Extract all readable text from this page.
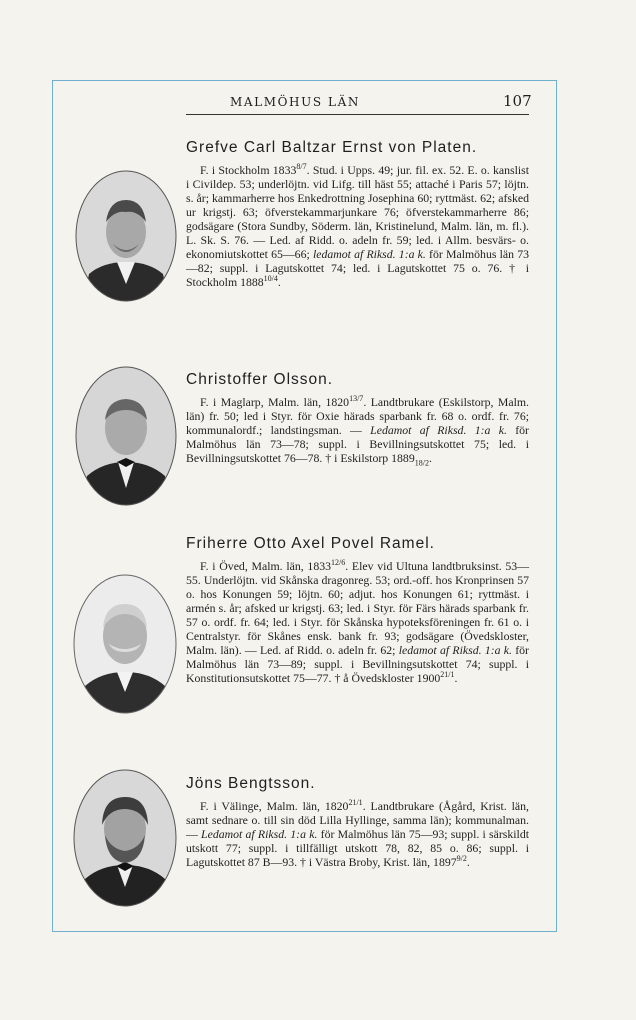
MALMÖHUS LÄN	107
Grefve Carl Baltzar Ernst von Platen.

F. i Stockholm $1833^{8/7}$. Stud. i Upps. 49; jur. fil. ex. 52. E. o. kanslist i Civildep. 53; underlöjtn. vid Lifg. till häst 55; attaché i Paris 57; löjtn. s. år; kammarherre hos Enkedrottning Josephina 60; ryttmäst. 62; afsked ur krigstj. 63; öfverstekammarjunkare 76; öfverstekammarherre 86; godsägare (Stora Sundby, Söderm. län, Kristinelund, Malm. län, m. fl.). L. Sk. S. 76. — Led. af Ridd. o. adeln fr. 59; led. i Allm. besvärs- o. ekonomiutskottet 65—66; ledamot af Riksd. 1:a k. för Malmöhus län 73—82; suppl. i Lagutskottet 74; led. i Lagutskottet 75 o. 76. † i Stockholm $1888^{10/4}$.

Christoffer Olsson.

F. i Maglarp, Malm. län, $1820^{13/7}$. Landtbrukare (Eskilstorp, Malm. län) fr. 50; led i Styr. för Oxie härads sparbank fr. 68 o. ordf. fr. 76; kommunalordf.; landstingsman. — Ledamot af Riksd. 1:a k. för Malmöhus län 73—78; suppl. i Bevillningsutskottet 75; led. i Bevillningsutskottet 76—78. † i Eskilstorp $1889_{18/2}$.

Friherre Otto Axel Povel Ramel.

F. i Öved, Malm. län, $1833^{12/6}$. Elev vid Ultuna landtbruksinst. 53—55. Underlöjtn. vid Skånska dragonreg. 53; ord.-off. hos Kronprinsen 57 o. hos Konungen 59; löjtn. 60; adjut. hos Konungen 61; ryttmäst. i armén s. år; afsked ur krigstj. 63; led. i Styr. för Färs härads sparbank fr. 57 o. ordf. fr. 64; led. i Styr. för Skånska hypoteksföreningen fr. 61 o. i Centralstyr. för Skånes ensk. bank fr. 93; godsägare (Övedskloster, Malm. län). — Led. af Ridd. o. adeln fr. 62; ledamot af Riksd. 1:a k. för Malmöhus län 73—89; suppl. i Bevillningsutskottet 74; suppl. i Konstitutionsutskottet 75—77. † å Övedskloster $1900^{21/1}$.

Jöns Bengtsson.

F. i Välinge, Malm. län, $1820^{21/1}$. Landtbrukare (Ågård, Krist. län, samt sednare o. till sin död Lilla Hyllinge, samma län); kommunalman. — Ledamot af Riksd. 1:a k. för Malmöhus län 75—93; suppl. i särskildt utskott 77; suppl. i tillfälligt utskott 78, 82, 85 o. 86; suppl. i Lagutskottet 87 B—93. † i Västra Broby, Krist. län, $1897^{9/2}$.
